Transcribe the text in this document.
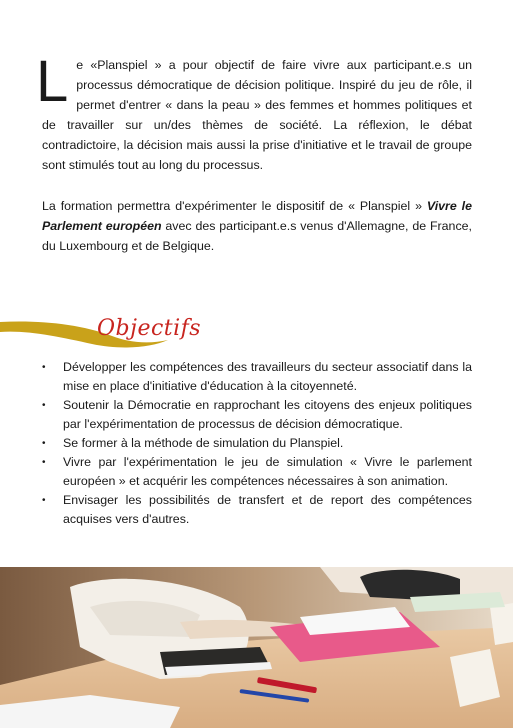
L e «Planspiel » a pour objectif de faire vivre aux participant.e.s un processus démocratique de décision politique. Inspiré du jeu de rôle, il permet d'entrer « dans la peau » des femmes et hommes politiques et de travailler sur un/des thèmes de société. La réflexion, le débat contradictoire, la décision mais aussi la prise d'initiative et le travail de groupe sont stimulés tout au long du processus.

La formation permettra d'expérimenter le dispositif de « Planspiel » Vivre le Parlement européen avec des participant.e.s venus d'Allemagne, de France, du Luxembourg et de Belgique.

Objectifs
• Développer les compétences des travailleurs du secteur associatif dans la mise en place d'initiative d'éducation à la citoyenneté.
• Soutenir la Démocratie en rapprochant les citoyens des enjeux politiques par l'expérimentation de processus de décision démocratique.
• Se former à la méthode de simulation du Planspiel.
• Vivre par l'expérimentation le jeu de simulation « Vivre le parlement européen » et acquérir les compétences nécessaires à son animation.
• Envisager les possibilités de transfert et de report des compétences acquises vers d'autres.
